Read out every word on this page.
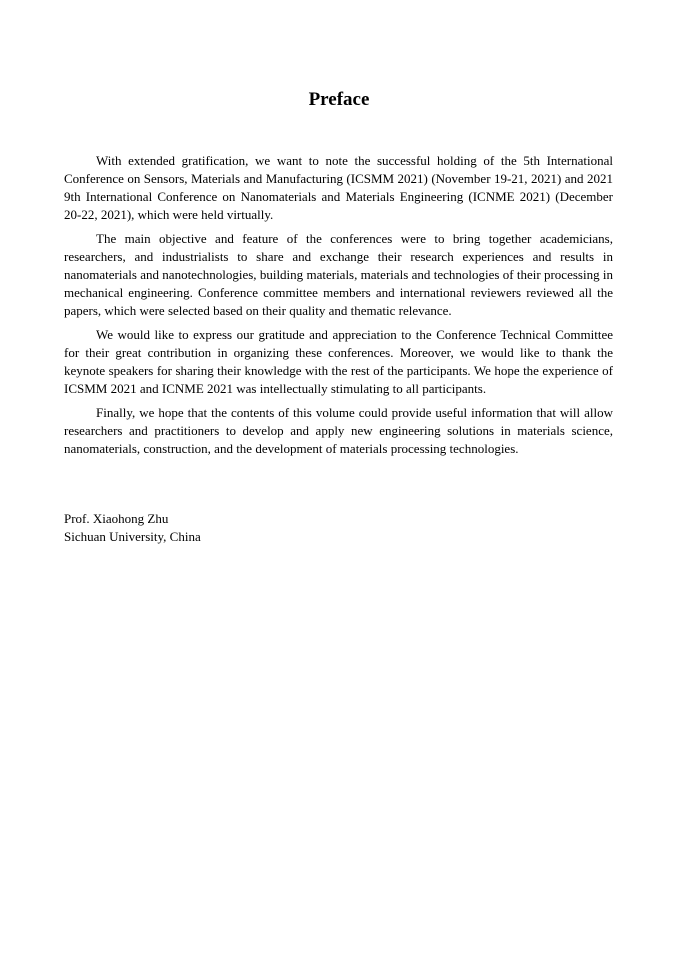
Preface

With extended gratification, we want to note the successful holding of the 5th International Conference on Sensors, Materials and Manufacturing (ICSMM 2021) (November 19-21, 2021) and 2021 9th International Conference on Nanomaterials and Materials Engineering (ICNME 2021) (December 20-22, 2021), which were held virtually.

The main objective and feature of the conferences were to bring together academicians, researchers, and industrialists to share and exchange their research experiences and results in nanomaterials and nanotechnologies, building materials, materials and technologies of their processing in mechanical engineering. Conference committee members and international reviewers reviewed all the papers, which were selected based on their quality and thematic relevance.

We would like to express our gratitude and appreciation to the Conference Technical Committee for their great contribution in organizing these conferences. Moreover, we would like to thank the keynote speakers for sharing their knowledge with the rest of the participants. We hope the experience of ICSMM 2021 and ICNME 2021 was intellectually stimulating to all participants.

Finally, we hope that the contents of this volume could provide useful information that will allow researchers and practitioners to develop and apply new engineering solutions in materials science, nanomaterials, construction, and the development of materials processing technologies.

Prof. Xiaohong Zhu
Sichuan University, China
